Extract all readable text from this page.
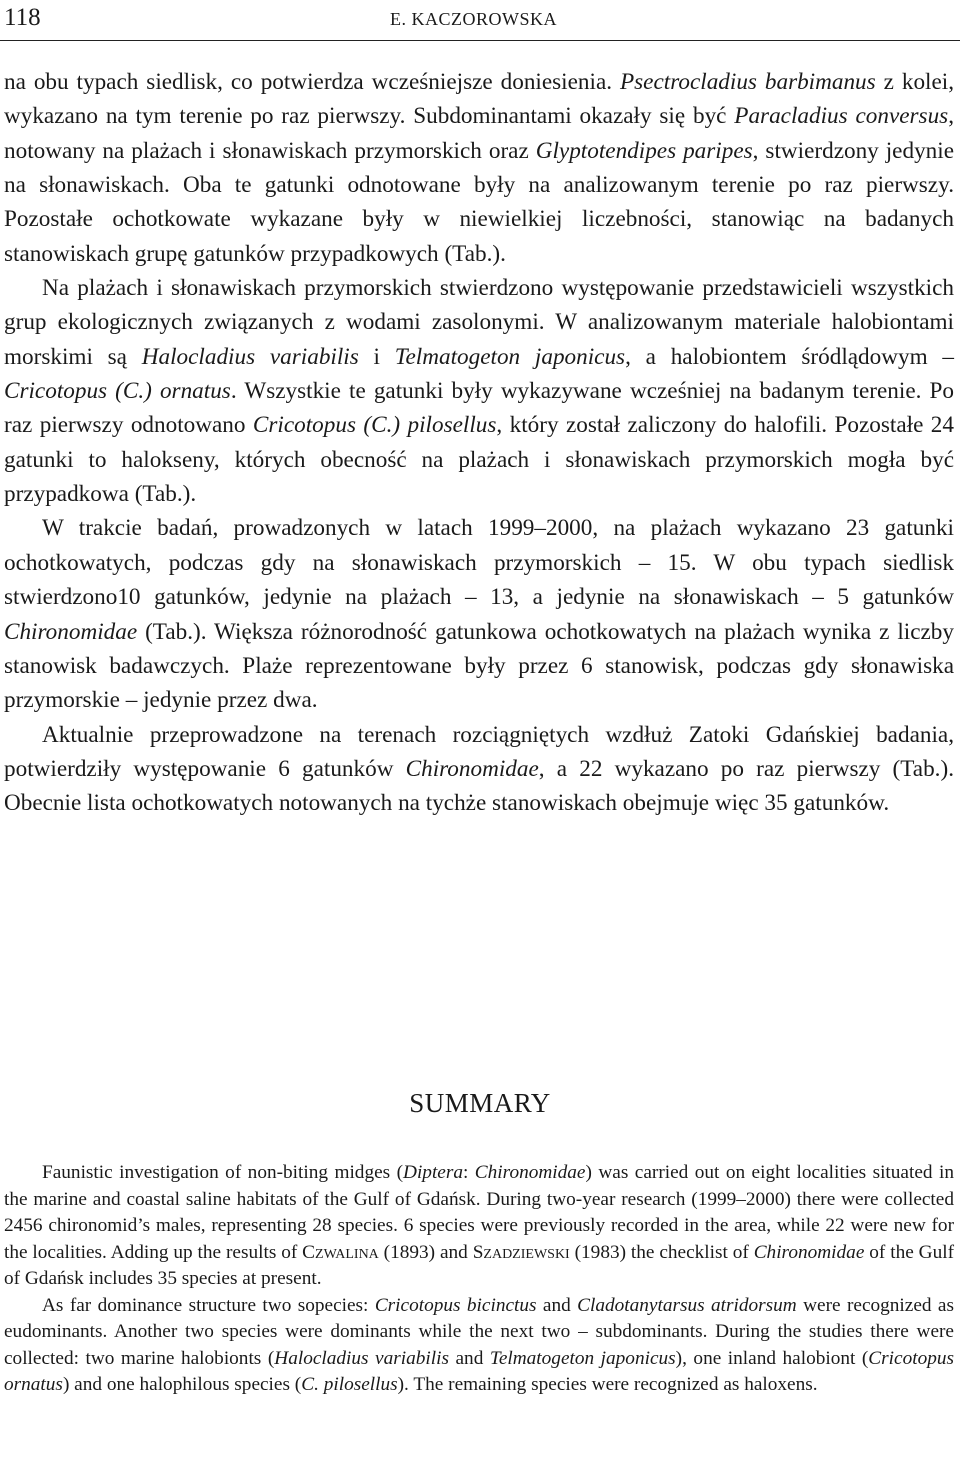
118	E. KACZOROWSKA

na obu typach siedlisk, co potwierdza wcześniejsze doniesienia. Psectrocladius barbimanus z kolei, wykazano na tym terenie po raz pierwszy. Subdominantami okazały się być Paracladius conversus, notowany na plażach i słonawiskach przymorskich oraz Glyptotendipes paripes, stwierdzony jedynie na słonawiskach. Oba te gatunki odnotowane były na analizowanym terenie po raz pierwszy. Pozostałe ochotkowate wykazane były w niewielkiej liczebności, stanowiąc na badanych stanowiskach grupę gatunków przypadkowych (Tab.).

Na plażach i słonawiskach przymorskich stwierdzono występowanie przedstawicieli wszystkich grup ekologicznych związanych z wodami zasolonymi. W analizowanym materiale halobiontami morskimi są Halocladius variabilis i Telmatogeton japonicus, a halobiontem śródlądowym – Cricotopus (C.) ornatus. Wszystkie te gatunki były wykazywane wcześniej na badanym terenie. Po raz pierwszy odnotowano Cricotopus (C.) pilosellus, który został zaliczony do halofili. Pozostałe 24 gatunki to halokseny, których obecność na plażach i słonawiskach przymorskich mogła być przypadkowa (Tab.).

W trakcie badań, prowadzonych w latach 1999–2000, na plażach wykazano 23 gatunki ochotkowatych, podczas gdy na słonawiskach przymorskich – 15. W obu typach siedlisk stwierdzono10 gatunków, jedynie na plażach – 13, a jedynie na słonawiskach – 5 gatunków Chironomidae (Tab.). Większa różnorodność gatunkowa ochotkowatych na plażach wynika z liczby stanowisk badawczych. Plaże reprezentowane były przez 6 stanowisk, podczas gdy słonawiska przymorskie – jedynie przez dwa.

Aktualnie przeprowadzone na terenach rozciągniętych wzdłuż Zatoki Gdańskiej badania, potwierdziły występowanie 6 gatunków Chironomidae, a 22 wykazano po raz pierwszy (Tab.). Obecnie lista ochotkowatych notowanych na tychże stanowiskach obejmuje więc 35 gatunków.

SUMMARY

Faunistic investigation of non-biting midges (Diptera: Chironomidae) was carried out on eight localities situated in the marine and coastal saline habitats of the Gulf of Gdańsk. During two-year research (1999–2000) there were collected 2456 chironomid’s males, representing 28 species. 6 species were previously recorded in the area, while 22 were new for the localities. Adding up the results of Czwalina (1893) and Szadziewski (1983) the checklist of Chironomidae of the Gulf of Gdańsk includes 35 species at present.

As far dominance structure two sopecies: Cricotopus bicinctus and Cladotanytarsus atridorsum were recognized as eudominants. Another two species were dominants while the next two – subdominants. During the studies there were collected: two marine halobionts (Halocladius variabilis and Telmatogeton japonicus), one inland halobiont (Cricotopus ornatus) and one halophilous species (C. pilosellus). The remaining species were recognized as haloxens.
